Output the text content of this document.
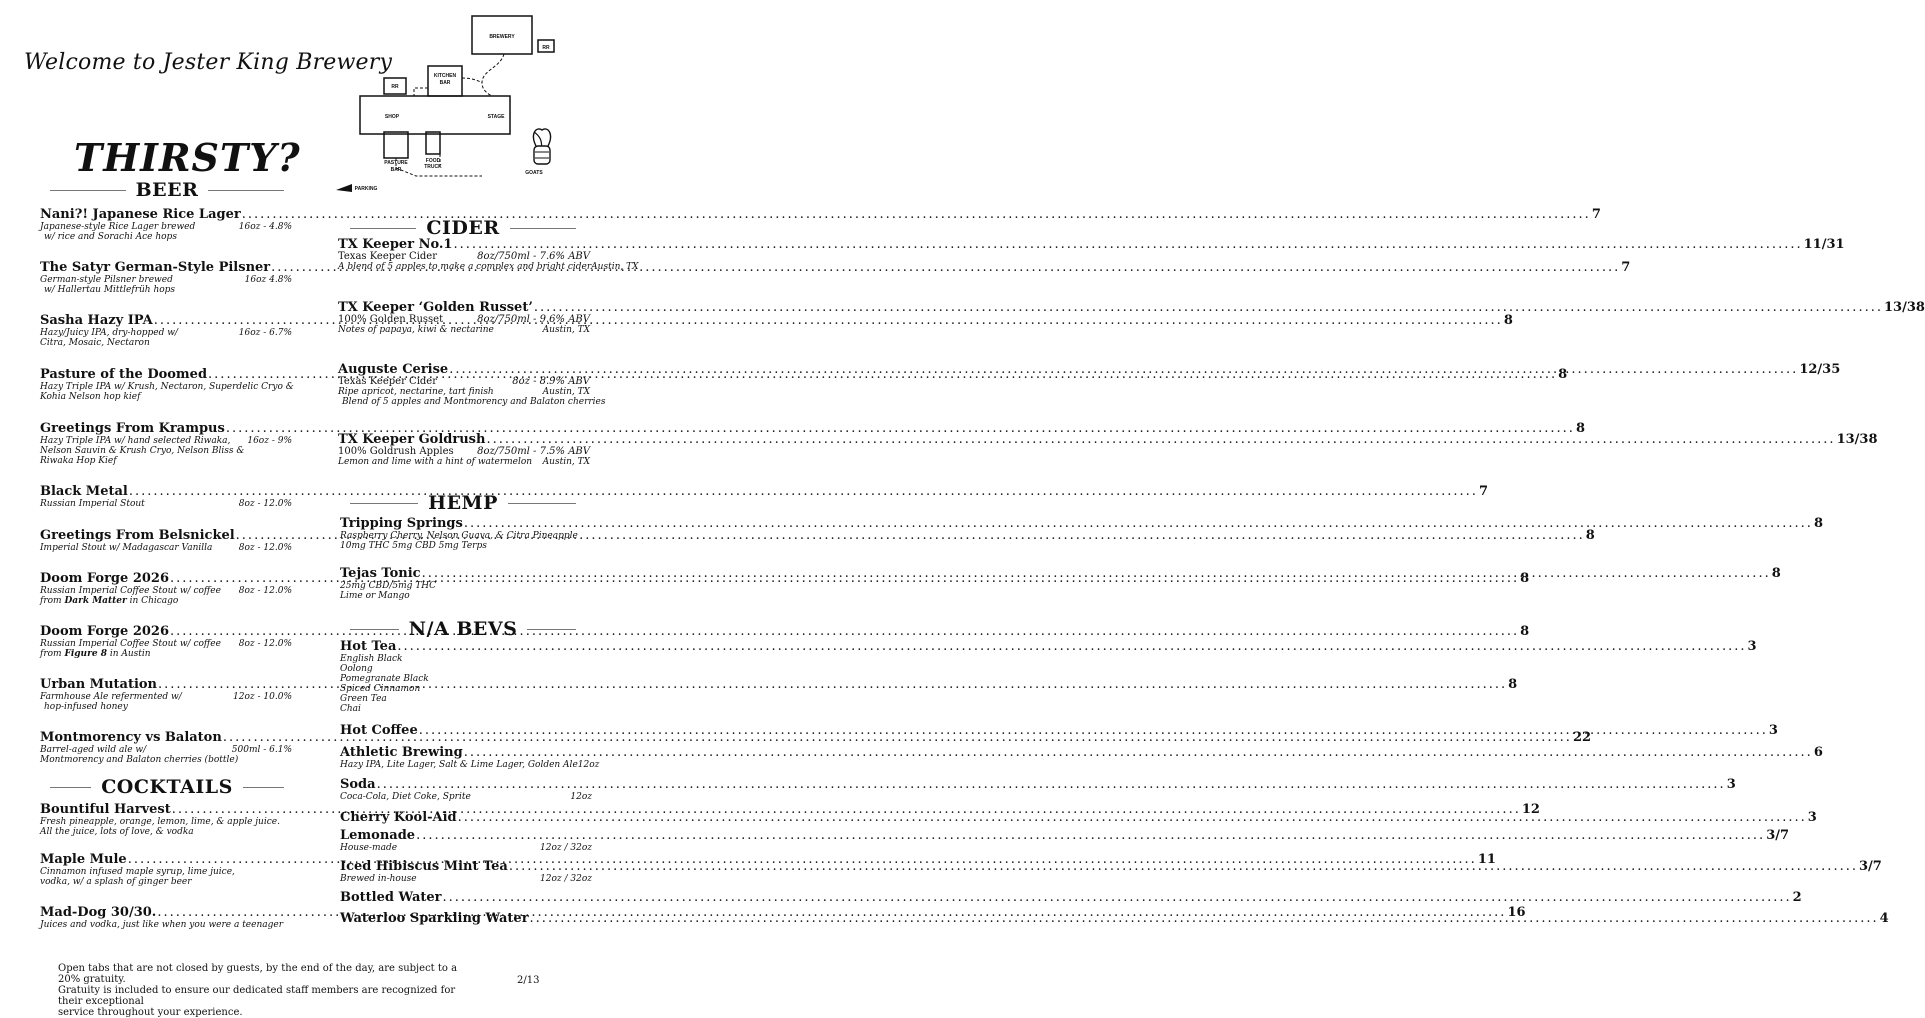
Welcome to Jester King Brewery
THIRSTY?
BREWERY
RR
KITCHEN
BAR
RR
SHOP	STAGE
PASTURE
BAR
FOOD
TRUCK
GOATS
PARKING
BEER
COCKTAILS
CIDER
HEMP
N/A BEVS
Nani?! Japanese Rice Lager .....	7
Japanese-style Rice Lager brewed	16oz - 4.8%
w/ rice and Sorachi Ace hops
The Satyr German-Style Pilsner .....	7
German-style Pilsner brewed	16oz 4.8%
w/ Hallertau Mittlefrüh hops
Sasha Hazy IPA .....	8
Hazy/Juicy IPA, dry-hopped w/	16oz - 6.7%
Citra, Mosaic, Nectaron
Pasture of the Doomed .....	8
Hazy Triple IPA w/ Krush, Nectaron, Superdelic Cryo &
Kohia Nelson hop kief
Greetings From Krampus .....	8
Hazy Triple IPA w/ hand selected Riwaka, 16oz - 9%
Nelson Sauvin & Krush Cryo, Nelson Bliss &
Riwaka Hop Kief
Black Metal .....	7
Russian Imperial Stout	8oz - 12.0%
Greetings From Belsnickel .....	8
Imperial Stout w/ Madagascar Vanilla	8oz - 12.0%
Doom Forge 2026 .....	8
Russian Imperial Coffee Stout w/ coffee 8oz - 12.0%
from Dark Matter in Chicago
Doom Forge 2026 .....	8
Russian Imperial Coffee Stout w/ coffee 8oz - 12.0%
from Figure 8 in Austin
Urban Mutation .....	8
Farmhouse Ale refermented w/	12oz - 10.0%
hop-infused honey
Montmorency vs Balaton .....	22
Barrel-aged wild ale w/	500ml - 6.1%
Montmorency and Balaton cherries (bottle)
Bountiful Harvest .....	12
Fresh pineapple, orange, lemon, lime, & apple juice.
All the juice, lots of love, & vodka
Maple Mule .....	11
Cinnamon infused maple syrup, lime juice,
vodka, w/ a splash of ginger beer
Mad-Dog 30/30. .....	16
Juices and vodka, just like when you were a teenager
TX Keeper No.1 .....	11/31
Texas Keeper Cider	8oz/750ml - 7.6% ABV
A blend of 5 apples to make a complex and bright cider Austin, TX
TX Keeper ‘Golden Russet’ .....	13/38
100% Golden Russet	8oz/750ml - 9.6% ABV
Notes of papaya, kiwi & nectarine	Austin, TX
Auguste Cerise .....	12/35
Texas Keeper Cider	8oz - 8.9% ABV
Ripe apricot, nectarine, tart finish	Austin, TX
Blend of 5 apples and Montmorency and Balaton cherries
TX Keeper Goldrush .....	13/38
100% Goldrush Apples 8oz/750ml - 7.5% ABV
Lemon and lime with a hint of watermelon Austin, TX
Tripping Springs .....	8
Raspberry Cherry, Nelson Guava, & Citra Pineapple
10mg THC 5mg CBD 5mg Terps
Tejas Tonic .....	8
25mg CBD/5mg THC
Lime or Mango
Hot Tea .....	3
English Black
Oolong
Pomegranate Black
Spiced Cinnamon
Green Tea
Chai
Hot Coffee .....	3
Athletic Brewing .....	6
Hazy IPA, Lite Lager, Salt & Lime Lager, Golden Ale 12oz
Soda .....	3
Coca-Cola, Diet Coke, Sprite	12oz
Cherry Kool-Aid .....	3
Lemonade .....	3/7
House-made	12oz / 32oz
Iced Hibiscus Mint Tea .....	3/7
Brewed in-house	12oz / 32oz
Bottled Water .....	2
Waterloo Sparkling Water .....	4
Open tabs that are not closed by guests, by the end of the day, are subject to a 20% gratuity.
Gratuity is included to ensure our dedicated staff members are recognized for their exceptional
service throughout your experience.
2/13
